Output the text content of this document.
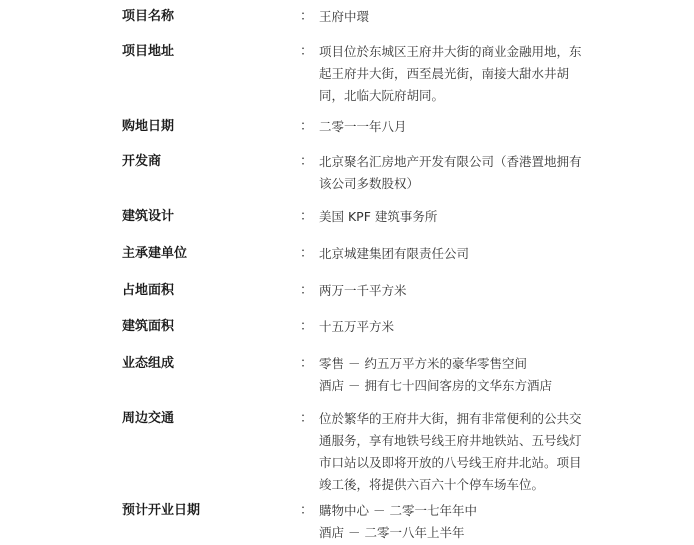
项目名称	： 王府中環
项目地址	： 项目位於东城区王府井大街的商业金融用地，东
起王府井大街，西至晨光街，南接大甜水井胡
同，北临大阮府胡同。
购地日期	： 二零一一年八月
开发商	： 北京聚名汇房地产开发有限公司（香港置地拥有
该公司多数股权）
建筑设计	： 美国 KPF 建筑事务所
主承建单位	： 北京城建集团有限责任公司
占地面积	： 两万一千平方米
建筑面积	： 十五万平方米
业态组成	： 零售 － 约五万平方米的豪华零售空间
酒店 － 拥有七十四间客房的文华东方酒店
周边交通	： 位於繁华的王府井大街，拥有非常便利的公共交
通服务，享有地铁号线王府井地铁站、五号线灯
市口站以及即将开放的八号线王府井北站。项目
竣工後，将提供六百六十个停车场车位。
预计开业日期	： 購物中心 － 二零一七年年中
酒店 － 二零一八年上半年
